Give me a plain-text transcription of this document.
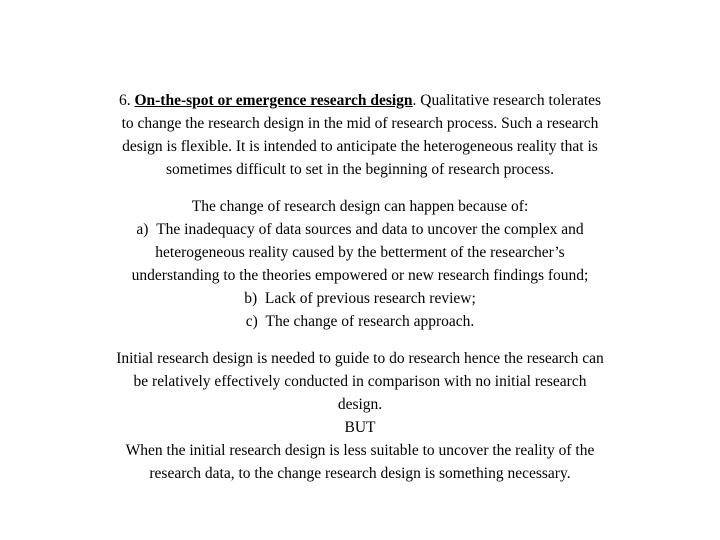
6. On-the-spot or emergence research design. Qualitative research tolerates
to change the research design in the mid of research process. Such a research
design is flexible. It is intended to anticipate the heterogeneous reality that is
sometimes difficult to set in the beginning of research process.
The change of research design can happen because of:
a) The inadequacy of data sources and data to uncover the complex and
heterogeneous reality caused by the betterment of the researcher’s
understanding to the theories empowered or new research findings found;
b) Lack of previous research review;
c) The change of research approach.
Initial research design is needed to guide to do research hence the research can
be relatively effectively conducted in comparison with no initial research
design.
BUT
When the initial research design is less suitable to uncover the reality of the
research data, to the change research design is something necessary.
